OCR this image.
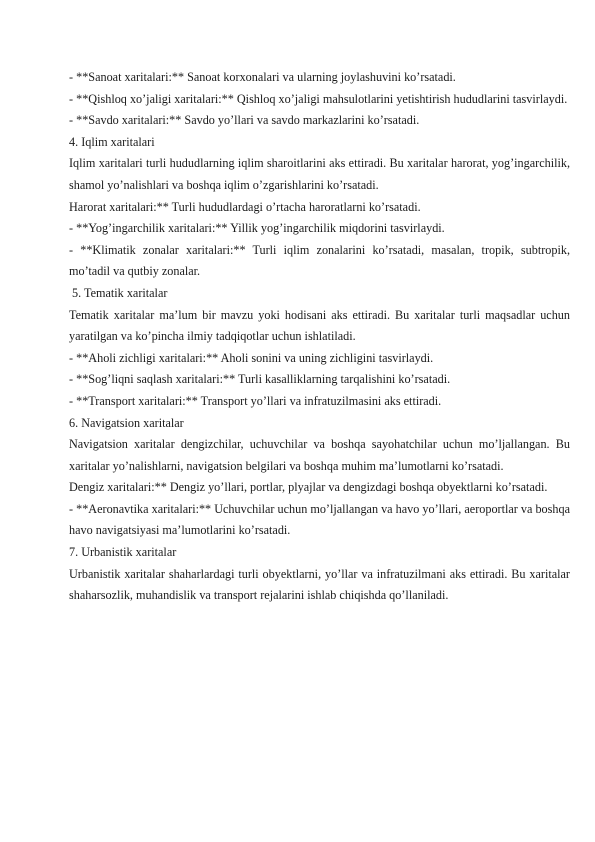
- **Sanoat xaritalari:** Sanoat korxonalari va ularning joylashuvini ko’rsatadi.

- **Qishloq xo’jaligi xaritalari:** Qishloq xo’jaligi mahsulotlarini yetishtirish hududlarini tasvirlaydi.

- **Savdo xaritalari:** Savdo yo’llari va savdo markazlarini ko’rsatadi.

4. Iqlim xaritalari

Iqlim xaritalari turli hududlarning iqlim sharoitlarini aks ettiradi. Bu xaritalar harorat, yog’ingarchilik, shamol yo’nalishlari va boshqa iqlim o’zgarishlarini ko’rsatadi.

Harorat xaritalari:** Turli hududlardagi o’rtacha haroratlarni ko’rsatadi.

- **Yog’ingarchilik xaritalari:** Yillik yog’ingarchilik miqdorini tasvirlaydi.

- **Klimatik zonalar xaritalari:** Turli iqlim zonalarini ko’rsatadi, masalan, tropik, subtropik, mo’tadil va qutbiy zonalar.

5. Tematik xaritalar

Tematik xaritalar ma’lum bir mavzu yoki hodisani aks ettiradi. Bu xaritalar turli maqsadlar uchun yaratilgan va ko’pincha ilmiy tadqiqotlar uchun ishlatiladi.

- **Aholi zichligi xaritalari:** Aholi sonini va uning zichligini tasvirlaydi.

- **Sog’liqni saqlash xaritalari:** Turli kasalliklarning tarqalishini ko’rsatadi.

- **Transport xaritalari:** Transport yo’llari va infratuzilmasini aks ettiradi.

6. Navigatsion xaritalar

Navigatsion xaritalar dengizchilar, uchuvchilar va boshqa sayohatchilar uchun mo’ljallangan. Bu xaritalar yo’nalishlarni, navigatsion belgilari va boshqa muhim ma’lumotlarni ko’rsatadi.

Dengiz xaritalari:** Dengiz yo’llari, portlar, plyajlar va dengizdagi boshqa obyektlarni ko’rsatadi.

- **Aeronavtika xaritalari:** Uchuvchilar uchun mo’ljallangan va havo yo’llari, aeroportlar va boshqa havo navigatsiyasi ma’lumotlarini ko’rsatadi.

7. Urbanistik xaritalar

Urbanistik xaritalar shaharlardagi turli obyektlarni, yo’llar va infratuzilmani aks ettiradi. Bu xaritalar shaharsozlik, muhandislik va transport rejalarini ishlab chiqishda qo’llaniladi.
